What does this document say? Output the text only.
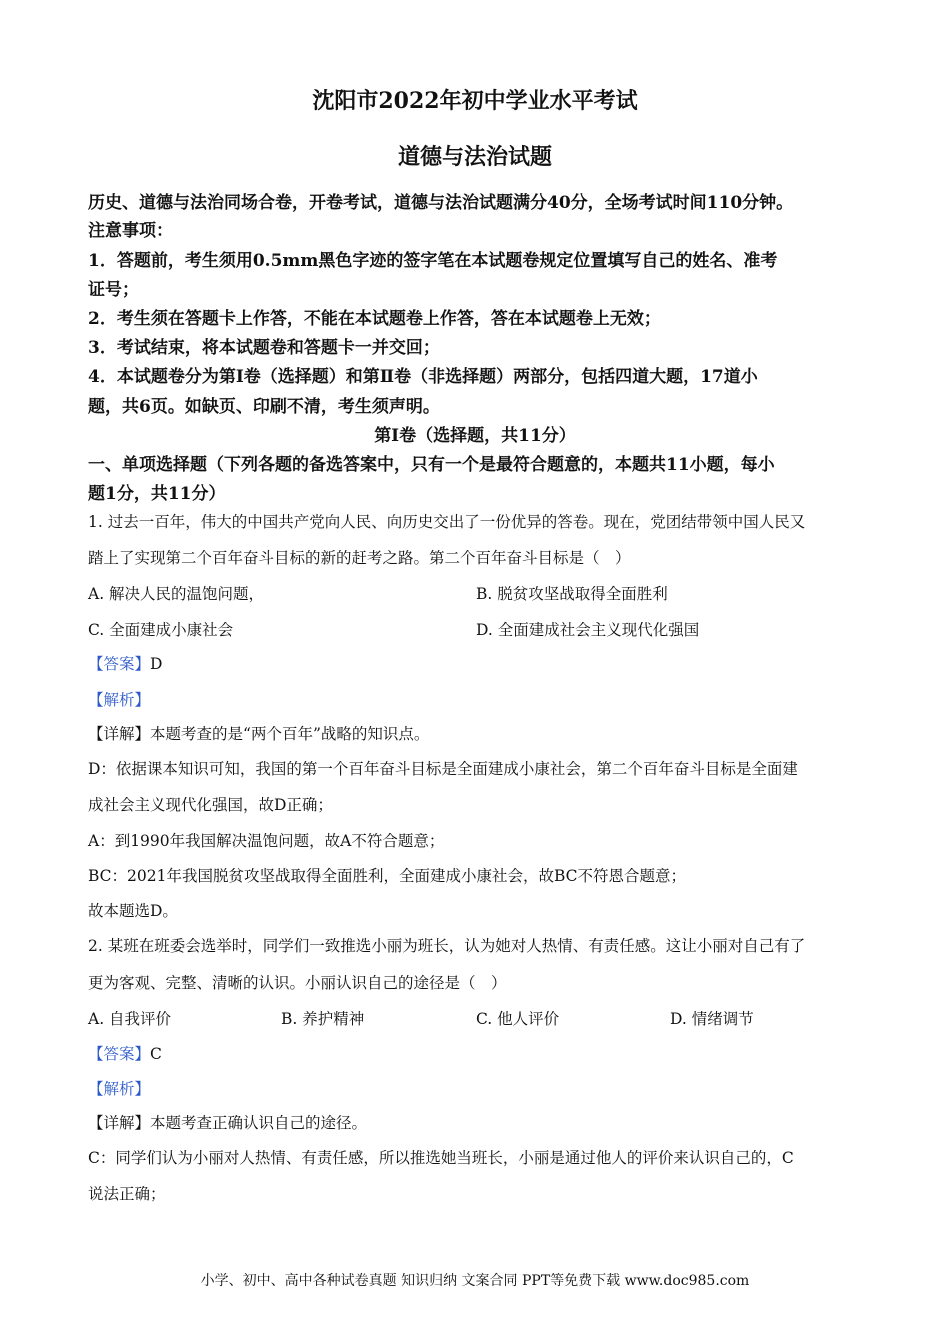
沈阳市2022年初中学业水平考试
道德与法治试题
历史、道德与法治同场合卷，开卷考试，道德与法治试题满分40分，全场考试时间110分钟。
注意事项：
1．答题前，考生须用0.5mm黑色字迹的签字笔在本试题卷规定位置填写自己的姓名、准考
证号；
2．考生须在答题卡上作答，不能在本试题卷上作答，答在本试题卷上无效；
3．考试结束，将本试题卷和答题卡一并交回；
4．本试题卷分为第Ⅰ卷（选择题）和第Ⅱ卷（非选择题）两部分，包括四道大题，17道小
题，共6页。如缺页、印刷不清，考生须声明。
第Ⅰ卷（选择题，共11分）
一、单项选择题（下列各题的备选答案中，只有一个是最符合题意的，本题共11小题，每小
题1分，共11分）
1. 过去一百年，伟大的中国共产党向人民、向历史交出了一份优异的答卷。现在，党团结带领中国人民又
踏上了实现第二个百年奋斗目标的新的赶考之路。第二个百年奋斗目标是（　）
A. 解决人民的温饱问题，	B. 脱贫攻坚战取得全面胜利
C. 全面建成小康社会	D. 全面建成社会主义现代化强国
【答案】D
【解析】
【详解】本题考查的是“两个百年”战略的知识点。
D：依据课本知识可知，我国的第一个百年奋斗目标是全面建成小康社会，第二个百年奋斗目标是全面建
成社会主义现代化强国，故D正确；
A：到1990年我国解决温饱问题，故A不符合题意；
BC：2021年我国脱贫攻坚战取得全面胜利，全面建成小康社会，故BC不符恩合题意；
故本题选D。
2. 某班在班委会选举时，同学们一致推选小丽为班长，认为她对人热情、有责任感。这让小丽对自己有了
更为客观、完整、清晰的认识。小丽认识自己的途径是（　）
A. 自我评价	B. 养护精神	C. 他人评价	D. 情绪调节
【答案】C
【解析】
【详解】本题考查正确认识自己的途径。
C：同学们认为小丽对人热情、有责任感，所以推选她当班长，小丽是通过他人的评价来认识自己的，C
说法正确；
小学、初中、高中各种试卷真题 知识归纳 文案合同 PPT等免费下载 www.doc985.com
